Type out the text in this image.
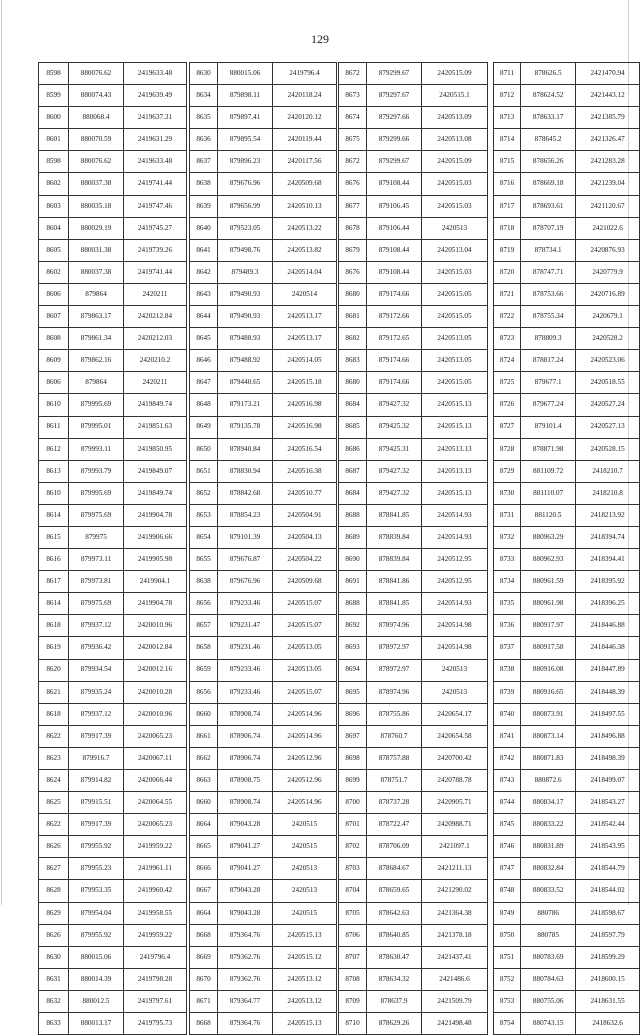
129
8598	880076.62	2419633.48
8599	880074.43	2419639.49
8600	880068.4	2419637.31
8601	880070.59	2419631.29
8598	880076.62	2419633.48
8602	880037.38	2419741.44
8603	880035.18	2419747.46
8604	880029.19	2419745.27
8605	880031.38	2419739.26
8602	880037.38	2419741.44
8606	879864	2420211
8607	879863.17	2420212.84
8608	879861.34	2420212.03
8609	879862.16	2420210.2
8606	879864	2420211
8610	879995.69	2419849.74
8611	879995.01	2419851.63
8612	879993.11	2419850.95
8613	879993.79	2419849.07
8610	879995.69	2419849.74
8614	879975.69	2419904.78
8615	879975	2419906.66
8616	879973.11	2419905.98
8617	879973.81	2419904.1
8614	879975.69	2419904.78
8618	879937.12	2420010.96
8619	879936.42	2420012.84
8620	879934.54	2420012.16
8621	879935.24	2420010.28
8618	879937.12	2420010.96
8622	879917.39	2420065.23
8623	879916.7	2420067.11
8624	879914.82	2420066.44
8625	879915.51	2420064.55
8622	879917.39	2420065.23
8626	879955.92	2419959.22
8627	879955.23	2419961.11
8628	879953.35	2419960.42
8629	879954.04	2419958.55
8626	879955.92	2419959.22
8630	880015.06	2419796.4
8631	880014.39	2419798.28
8632	880012.5	2419797.61
8633	880013.17	2419795.73
8630	880015.06	2419796.4
8634	879898.11	2420118.24
8635	879897.41	2420120.12
8636	879895.54	2420119.44
8637	879896.23	2420117.56
8638	879676.96	2420509.68
8639	879656.99	2420510.13
8640	879523.05	2420513.22
8641	879498.76	2420513.82
8642	879489.3	2420514.04
8643	879490.93	2420514
8644	879490.93	2420513.17
8645	879488.93	2420513.17
8646	879488.92	2420514.05
8647	879440.65	2420515.18
8648	879173.21	2420516.98
8649	879135.78	2420516.98
8650	878940.84	2420516.54
8651	878830.94	2420516.38
8652	878842.68	2420510.77
8653	878854.23	2420504.91
8654	879101.39	2420504.13
8655	879676.87	2420504.22
8638	879676.96	2420509.68
8656	879233.46	2420515.07
8657	879231.47	2420515.07
8658	879231.46	2420513.05
8659	879233.46	2420513.05
8656	879233.46	2420515.07
8660	878908.74	2420514.96
8661	878906.74	2420514.96
8662	878906.74	2420512.96
8663	878908.75	2420512.96
8660	878908.74	2420514.96
8664	879043.28	2420515
8665	879041.27	2420515
8666	879041.27	2420513
8667	879043.28	2420513
8664	879043.28	2420515
8668	879364.76	2420515.13
8669	879362.76	2420515.12
8670	879362.76	2420513.12
8671	879364.77	2420513.12
8668	879364.76	2420515.13
8672	879299.67	2420515.09
8673	879297.67	2420515.1
8674	879297.66	2420513.09
8675	879299.66	2420513.08
8672	879299.67	2420515.09
8676	879108.44	2420515.03
8677	879106.45	2420515.03
8678	879106.44	2420513
8679	879108.44	2420513.04
8676	879108.44	2420515.03
8680	879174.66	2420515.05
8681	879172.66	2420515.05
8682	879172.65	2420513.05
8683	879174.66	2420513.05
8680	879174.66	2420515.05
8684	879427.32	2420515.13
8685	879425.32	2420515.13
8686	879425.31	2420513.13
8687	879427.32	2420513.13
8684	879427.32	2420515.13
8688	878841.85	2420514.93
8689	878839.84	2420514.93
8690	878839.84	2420512.95
8691	878841.86	2420512.95
8688	878841.85	2420514.93
8692	878974.96	2420514.98
8693	878972.97	2420514.98
8694	878972.97	2420513
8695	878974.96	2420513
8696	878755.86	2420654.17
8697	878760.7	2420654.58
8698	878757.88	2420700.42
8699	878751.7	2420788.78
8700	878737.28	2420905.71
8701	878722.47	2420988.71
8702	878706.09	2421097.1
8703	878684.67	2421211.13
8704	878659.65	2421290.02
8705	878642.63	2421364.38
8706	878640.85	2421378.18
8707	878630.47	2421437.41
8708	878634.32	2421486.6
8709	878637.9	2421509.79
8710	878629.26	2421498.48
8711	878626.5	2421470.94
8712	878624.52	2421443.12
8713	878633.17	2421385.79
8714	878645.2	2421326.47
8715	878656.26	2421283.28
8716	878669.18	2421239.04
8717	878693.61	2421120.67
8718	878707.19	2421022.6
8719	878734.1	2420876.93
8720	878747.71	2420779.9
8721	878753.66	2420716.89
8722	878755.34	2420679.1
8723	878809.3	2420528.2
8724	878817.24	2420523.06
8725	879677.1	2420518.55
8726	879677.24	2420527.24
8727	879101.4	2420527.13
8728	878871.98	2420528.15
8729	881109.72	2418210.7
8730	881110.07	2418210.8
8731	881120.5	2418213.92
8732	880963.29	2418394.74
8733	880962.93	2418394.41
8734	880961.59	2418395.92
8735	880961.98	2418396.25
8736	880917.97	2418446.88
8737	880917.58	2418446.38
8738	880916.08	2418447.89
8739	880916.65	2418448.39
8740	880873.91	2418497.55
8741	880873.14	2418496.88
8742	880871.83	2418498.39
8743	880872.6	2418499.07
8744	880834.17	2418543.27
8745	880833.22	2418542.44
8746	880831.89	2418543.95
8747	880832.84	2418544.79
8748	880833.52	2418544.02
8749	880786	2418598.67
8750	880785	2418597.79
8751	880783.69	2418599.29
8752	880784.63	2418600.15
8753	880755.06	2418631.55
8754	880743.15	2418632.6
